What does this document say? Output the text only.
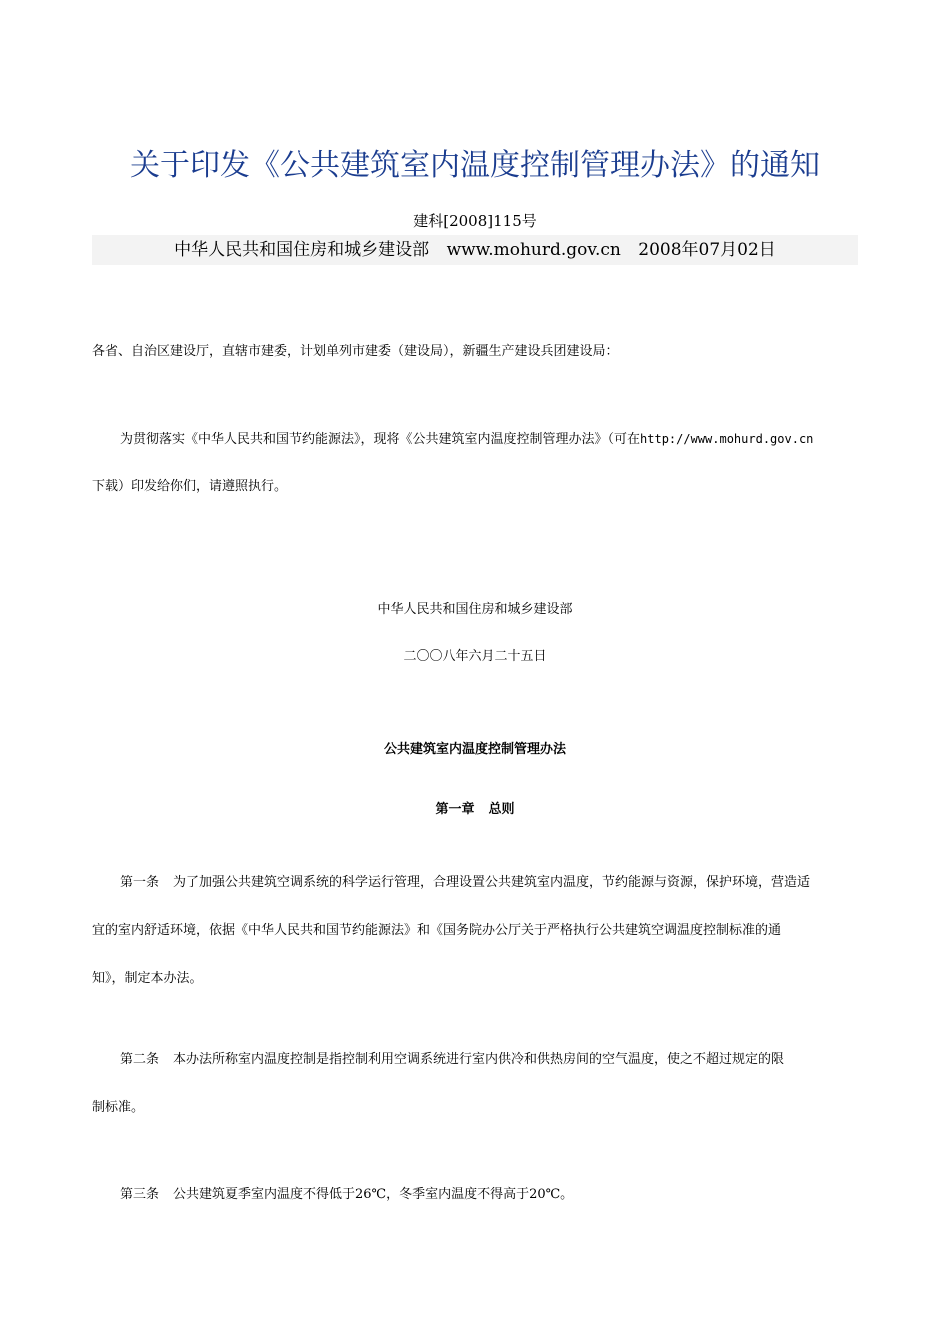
关于印发《公共建筑室内温度控制管理办法》的通知
建科[2008]115号
中华人民共和国住房和城乡建设部 www.mohurd.gov.cn 2008年07月02日
各省、自治区建设厅，直辖市建委，计划单列市建委（建设局），新疆生产建设兵团建设局：
为贯彻落实《中华人民共和国节约能源法》，现将《公共建筑室内温度控制管理办法》（可在http://www.mohurd.gov.cn
下载）印发给你们，请遵照执行。
中华人民共和国住房和城乡建设部
二〇〇八年六月二十五日
公共建筑室内温度控制管理办法
第一章 总则
第一条 为了加强公共建筑空调系统的科学运行管理，合理设置公共建筑室内温度，节约能源与资源，保护环境，营造适
宜的室内舒适环境，依据《中华人民共和国节约能源法》和《国务院办公厅关于严格执行公共建筑空调温度控制标准的通
知》，制定本办法。
第二条 本办法所称室内温度控制是指控制利用空调系统进行室内供冷和供热房间的空气温度，使之不超过规定的限
制标准。
第三条 公共建筑夏季室内温度不得低于26℃，冬季室内温度不得高于20℃。
